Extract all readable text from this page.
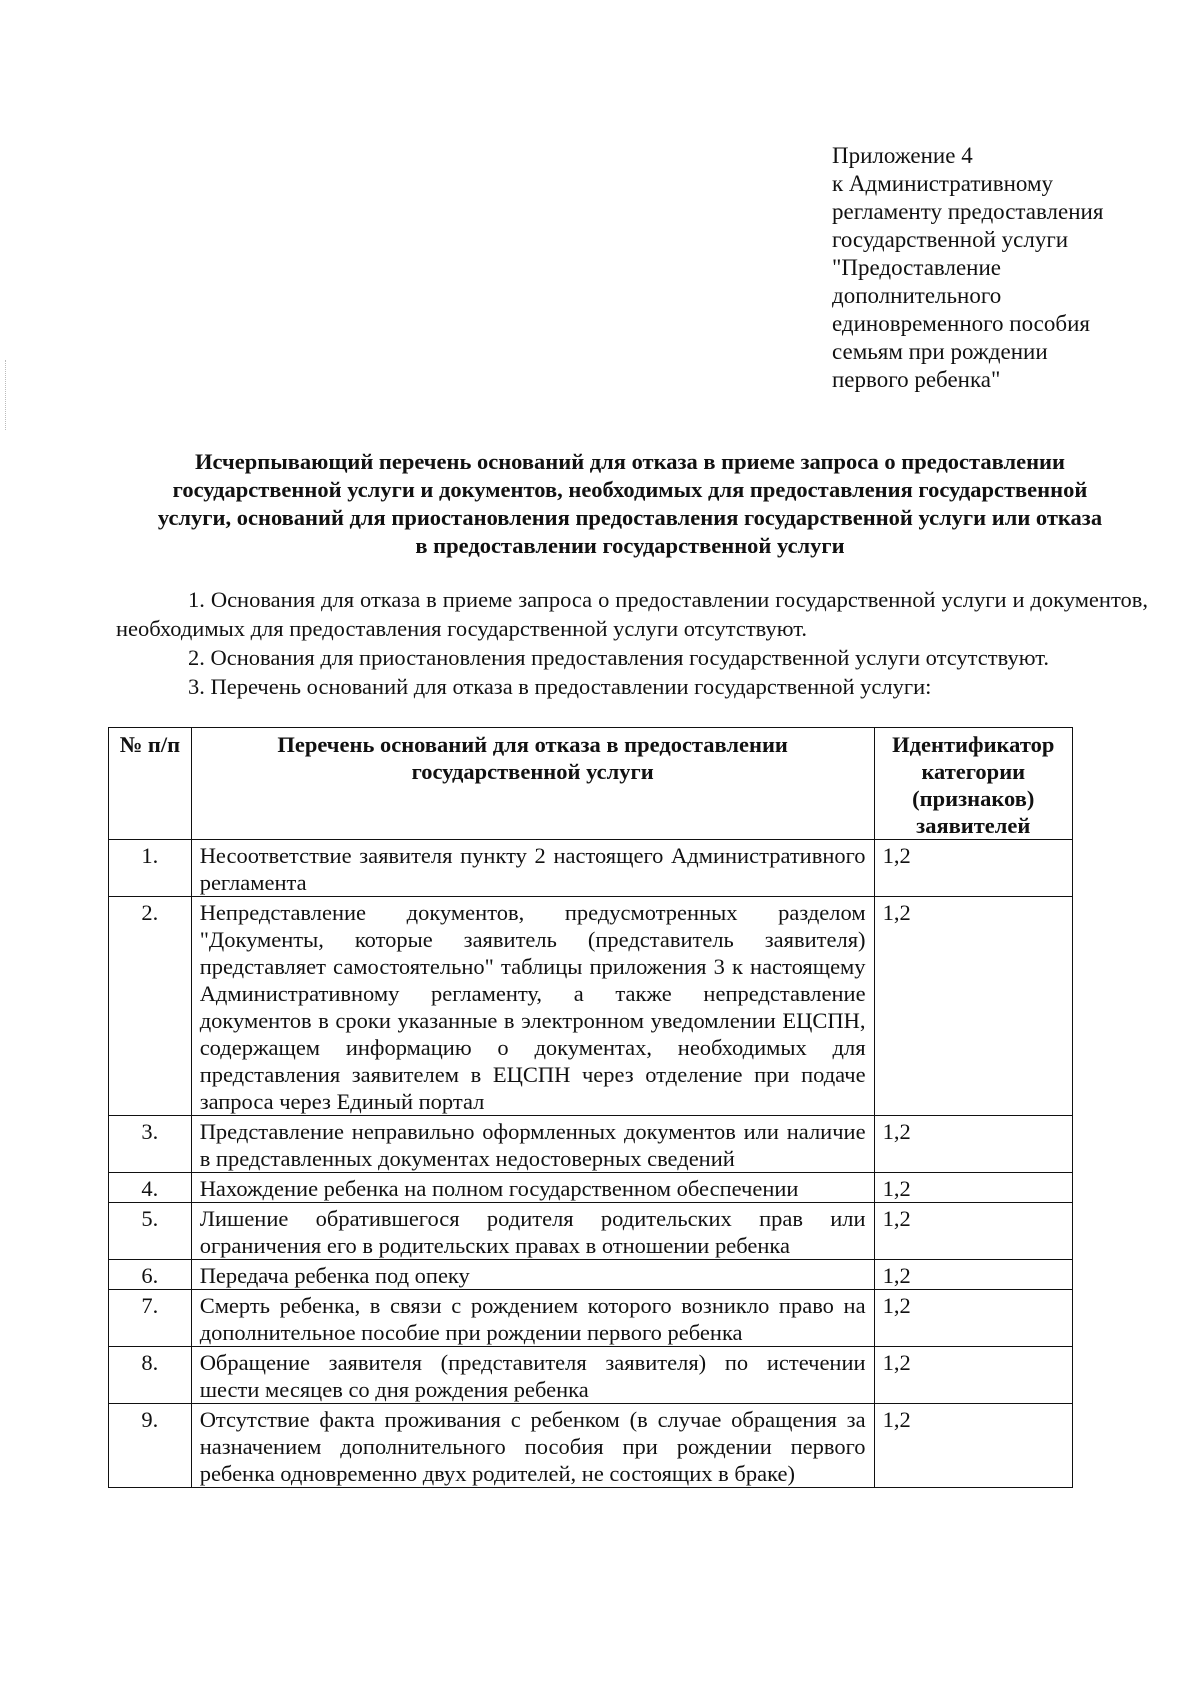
Приложение 4
к Административному
регламенту предоставления
государственной услуги
"Предоставление
дополнительного
единовременного пособия
семьям при рождении
первого ребенка"
Исчерпывающий перечень оснований для отказа в приеме запроса о предоставлении
государственной услуги и документов, необходимых для предоставления государственной
услуги, оснований для приостановления предоставления государственной услуги или отказа
в предоставлении государственной услуги

1. Основания для отказа в приеме запроса о предоставлении государственной услуги и документов, необходимых для предоставления государственной услуги отсутствуют.

2. Основания для приостановления предоставления государственной услуги отсутствуют.

3. Перечень оснований для отказа в предоставлении государственной услуги:

№ п/п	Перечень оснований для отказа в предоставлении государственной услуги	Идентификатор категории (признаков) заявителей
1.	Несоответствие заявителя пункту 2 настоящего Административного регламента	1,2
2.	Непредставление документов, предусмотренных разделом "Документы, которые заявитель (представитель заявителя) представляет самостоятельно" таблицы приложения 3 к настоящему Административному регламенту, а также непредставление документов в сроки указанные в электронном уведомлении ЕЦСПН, содержащем информацию о документах, необходимых для представления заявителем в ЕЦСПН через отделение при подаче запроса через Единый портал	1,2
3.	Представление неправильно оформленных документов или наличие в представленных документах недостоверных сведений	1,2
4.	Нахождение ребенка на полном государственном обеспечении	1,2
5.	Лишение обратившегося родителя родительских прав или ограничения его в родительских правах в отношении ребенка	1,2
6.	Передача ребенка под опеку	1,2
7.	Смерть ребенка, в связи с рождением которого возникло право на дополнительное пособие при рождении первого ребенка	1,2
8.	Обращение заявителя (представителя заявителя) по истечении шести месяцев со дня рождения ребенка	1,2
9.	Отсутствие факта проживания с ребенком (в случае обращения за назначением дополнительного пособия при рождении первого ребенка одновременно двух родителей, не состоящих в браке)	1,2
